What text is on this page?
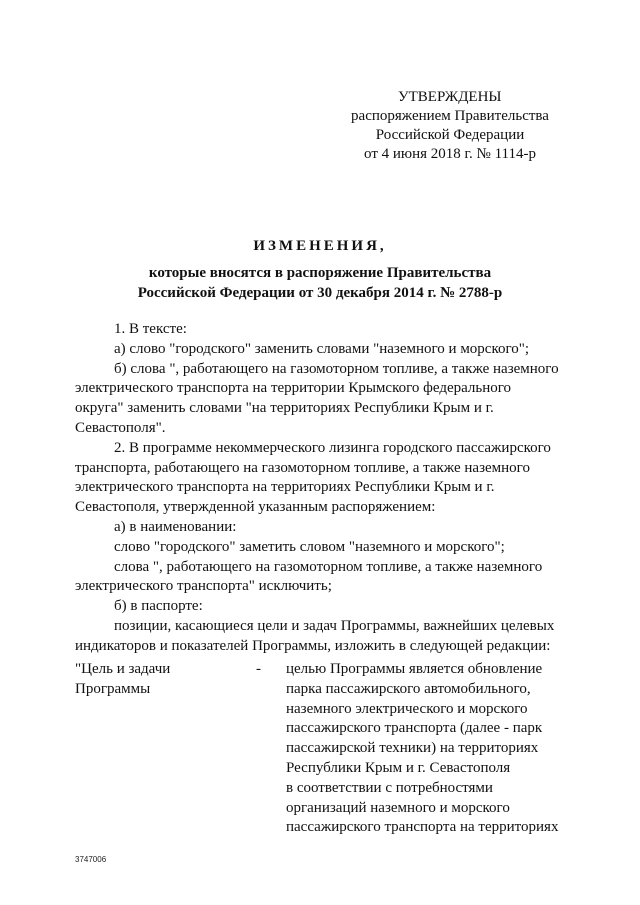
УТВЕРЖДЕНЫ
распоряжением Правительства
Российской Федерации
от 4 июня 2018 г. № 1114-р
ИЗМЕНЕНИЯ,
которые вносятся в распоряжение Правительства
Российской Федерации от 30 декабря 2014 г. № 2788-р
1. В тексте:
а) слово "городского" заменить словами "наземного и морского";
б) слова ", работающего на газомоторном топливе, а также наземного электрического транспорта на территории Крымского федерального округа" заменить словами "на территориях Республики Крым и г. Севастополя".
2. В программе некоммерческого лизинга городского пассажирского транспорта, работающего на газомоторном топливе, а также наземного электрического транспорта на территориях Республики Крым и г. Севастополя, утвержденной указанным распоряжением:
а) в наименовании:
слово "городского" заметить словом "наземного и морского";
слова ", работающего на газомоторном топливе, а также наземного электрического транспорта" исключить;
б) в паспорте:
позиции, касающиеся цели и задач Программы, важнейших целевых индикаторов и показателей Программы, изложить в следующей редакции:
"Цель и задачи
Программы
- целью Программы является обновление
парка пассажирского автомобильного,
наземного электрического и морского
пассажирского транспорта (далее - парк
пассажирской техники) на территориях
Республики Крым и г. Севастополя
в соответствии с потребностями
организаций наземного и морского
пассажирского транспорта на территориях
3747006
